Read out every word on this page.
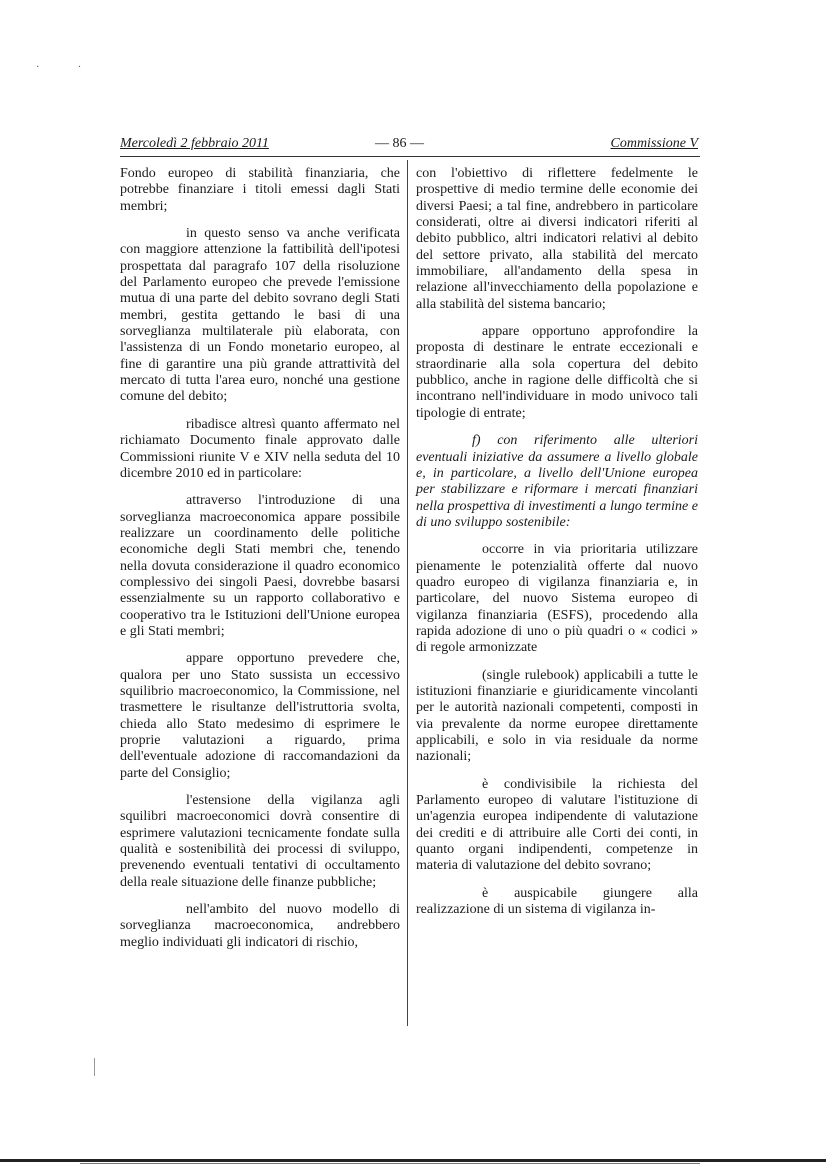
· ·
Mercoledì 2 febbraio 2011	— 86 —	Commissione V

Fondo europeo di stabilità finanziaria, che potrebbe finanziare i titoli emessi dagli Stati membri;

in questo senso va anche verificata con maggiore attenzione la fattibilità dell'ipotesi prospettata dal paragrafo 107 della risoluzione del Parlamento europeo che prevede l'emissione mutua di una parte del debito sovrano degli Stati membri, gestita gettando le basi di una sorveglianza multilaterale più elaborata, con l'assistenza di un Fondo monetario europeo, al fine di garantire una più grande attrattività del mercato di tutta l'area euro, nonché una gestione comune del debito;

ribadisce altresì quanto affermato nel richiamato Documento finale approvato dalle Commissioni riunite V e XIV nella seduta del 10 dicembre 2010 ed in particolare:

attraverso l'introduzione di una sorveglianza macroeconomica appare possibile realizzare un coordinamento delle politiche economiche degli Stati membri che, tenendo nella dovuta considerazione il quadro economico complessivo dei singoli Paesi, dovrebbe basarsi essenzialmente su un rapporto collaborativo e cooperativo tra le Istituzioni dell'Unione europea e gli Stati membri;

appare opportuno prevedere che, qualora per uno Stato sussista un eccessivo squilibrio macroeconomico, la Commissione, nel trasmettere le risultanze dell'istruttoria svolta, chieda allo Stato medesimo di esprimere le proprie valutazioni a riguardo, prima dell'eventuale adozione di raccomandazioni da parte del Consiglio;

l'estensione della vigilanza agli squilibri macroeconomici dovrà consentire di esprimere valutazioni tecnicamente fondate sulla qualità e sostenibilità dei processi di sviluppo, prevenendo eventuali tentativi di occultamento della reale situazione delle finanze pubbliche;

nell'ambito del nuovo modello di sorveglianza macroeconomica, andrebbero meglio individuati gli indicatori di rischio,

con l'obiettivo di riflettere fedelmente le prospettive di medio termine delle economie dei diversi Paesi; a tal fine, andrebbero in particolare considerati, oltre ai diversi indicatori riferiti al debito pubblico, altri indicatori relativi al debito del settore privato, alla stabilità del mercato immobiliare, all'andamento della spesa in relazione all'invecchiamento della popolazione e alla stabilità del sistema bancario;

appare opportuno approfondire la proposta di destinare le entrate eccezionali e straordinarie alla sola copertura del debito pubblico, anche in ragione delle difficoltà che si incontrano nell'individuare in modo univoco tali tipologie di entrate;

f) con riferimento alle ulteriori eventuali iniziative da assumere a livello globale e, in particolare, a livello dell'Unione europea per stabilizzare e riformare i mercati finanziari nella prospettiva di investimenti a lungo termine e di uno sviluppo sostenibile:

occorre in via prioritaria utilizzare pienamente le potenzialità offerte dal nuovo quadro europeo di vigilanza finanziaria e, in particolare, del nuovo Sistema europeo di vigilanza finanziaria (ESFS), procedendo alla rapida adozione di uno o più quadri o « codici » di regole armonizzate

(single rulebook) applicabili a tutte le istituzioni finanziarie e giuridicamente vincolanti per le autorità nazionali competenti, composti in via prevalente da norme europee direttamente applicabili, e solo in via residuale da norme nazionali;

è condivisibile la richiesta del Parlamento europeo di valutare l'istituzione di un'agenzia europea indipendente di valutazione dei crediti e di attribuire alle Corti dei conti, in quanto organi indipendenti, competenze in materia di valutazione del debito sovrano;

è auspicabile giungere alla realizzazione di un sistema di vigilanza in-
